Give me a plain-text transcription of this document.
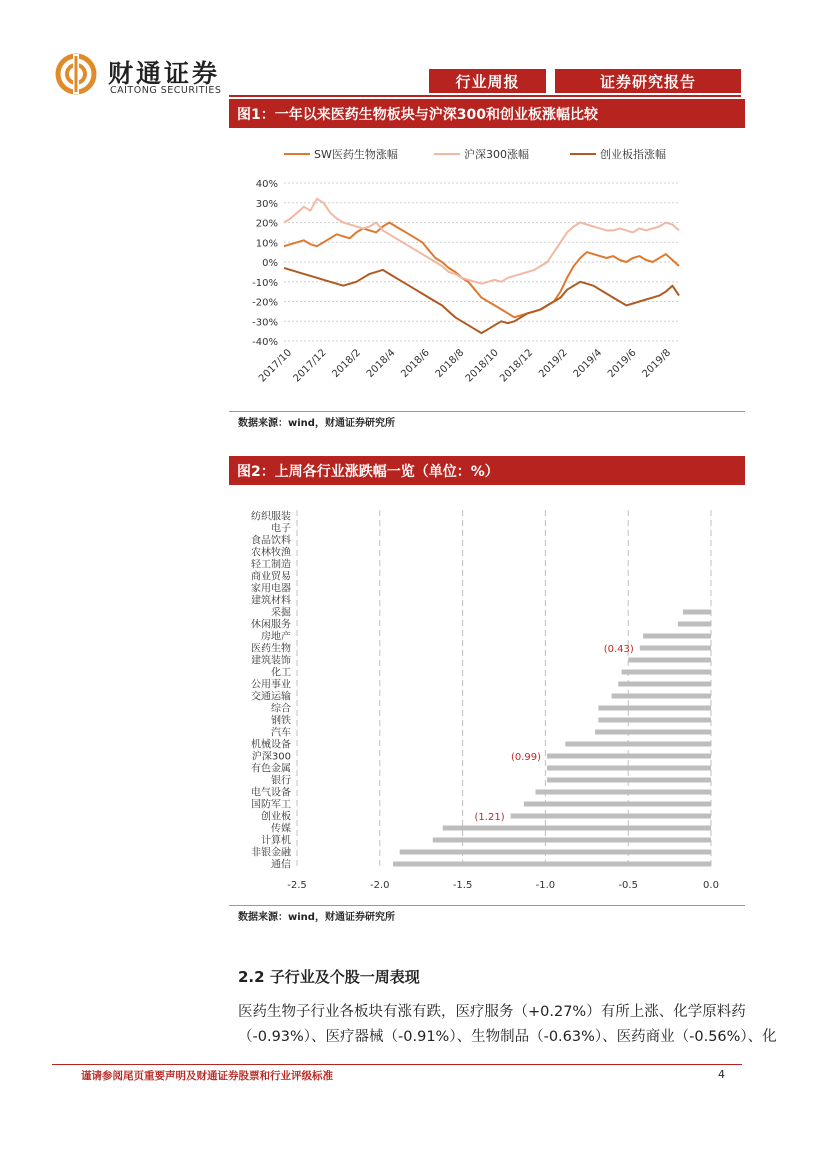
财通证券
CAITONG SECURITIES	行业周报	证券研究报告
图1：一年以来医药生物板块与沪深300和创业板涨幅比较
SW医药生物涨幅	沪深300涨幅	创业板指涨幅
40%
30%
20%
10%
0%
-10%
-20%
-30%
-40%
2017/10
2017/12 2018/2 2018/4 2018/6 2018/8
2018/10
2018/12 2019/2 2019/4 2019/6 2019/8
数据来源：wind，财通证券研究所
图2：上周各行业涨跌幅一览（单位：%）
-2.5	-2.0	-1.5	-1.0	-0.5	0.0
纺织服装
电子
食品饮料
农林牧渔
轻工制造
商业贸易
家用电器
建筑材料
采掘
休闲服务
房地产
医药生物
建筑装饰
化工
公用事业
交通运输
综合
钢铁
汽车
机械设备
沪深300
有色金属
银行
电气设备
国防军工
创业板
传媒
计算机
非银金融
通信
(0.43)
(0.99)
(1.21)
数据来源：wind，财通证券研究所
2.2 子行业及个股一周表现
医药生物子行业各板块有涨有跌，医疗服务（+0.27%）有所上涨、化学原料药
（-0.93%）、医疗器械（-0.91%）、生物制品（-0.63%）、医药商业（-0.56%）、化
谨请参阅尾页重要声明及财通证券股票和行业评级标准	4
